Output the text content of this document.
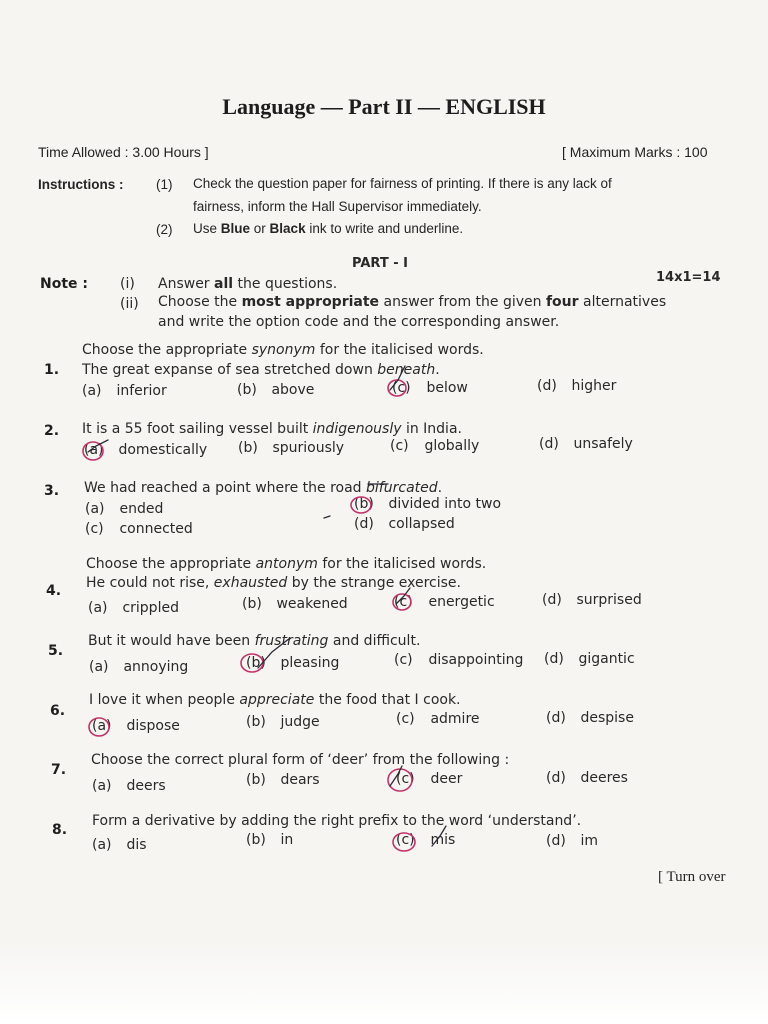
Language — Part II — ENGLISH
Time Allowed : 3.00 Hours ]	[ Maximum Marks : 100
Instructions : (1) Check the question paper for fairness of printing. If there is any lack of
fairness, inform the Hall Supervisor immediately.
(2) Use Blue or Black ink to write and underline.
PART - I
14x1=14
Note : (i) Answer all the questions.
(ii) Choose the most appropriate answer from the given four alternatives
and write the option code and the corresponding answer.
Choose the appropriate synonym for the italicised words.
1. The great expanse of sea stretched down beneath.
(a) inferior	(b) above	(c) below	(d) higher
2. It is a 55 foot sailing vessel built indigenously in India.
(a) domestically (b) spuriously	(c) globally	(d) unsafely
3. We had reached a point where the road bifurcated.
(a) ended	(b) divided into two
(c) connected	(d) collapsed
Choose the appropriate antonym for the italicised words.
4. He could not rise, exhausted by the strange exercise.
(a) crippled	(b) weakened	(c) energetic	(d) surprised
5.
But it would have been frustrating and difficult.
(a) annoying	(b) pleasing	(c) disappointing (d) gigantic
6.
I love it when people appreciate the food that I cook.
(a) dispose	(b) judge	(c) admire	(d) despise
7.
Choose the correct plural form of ‘deer’ from the following :
(a) deers	(b) dears	(c) deer	(d) deeres
8.
Form a derivative by adding the right prefix to the word ‘understand’.
(a) dis	(b) in	(c) mis	(d) im
[ Turn over
